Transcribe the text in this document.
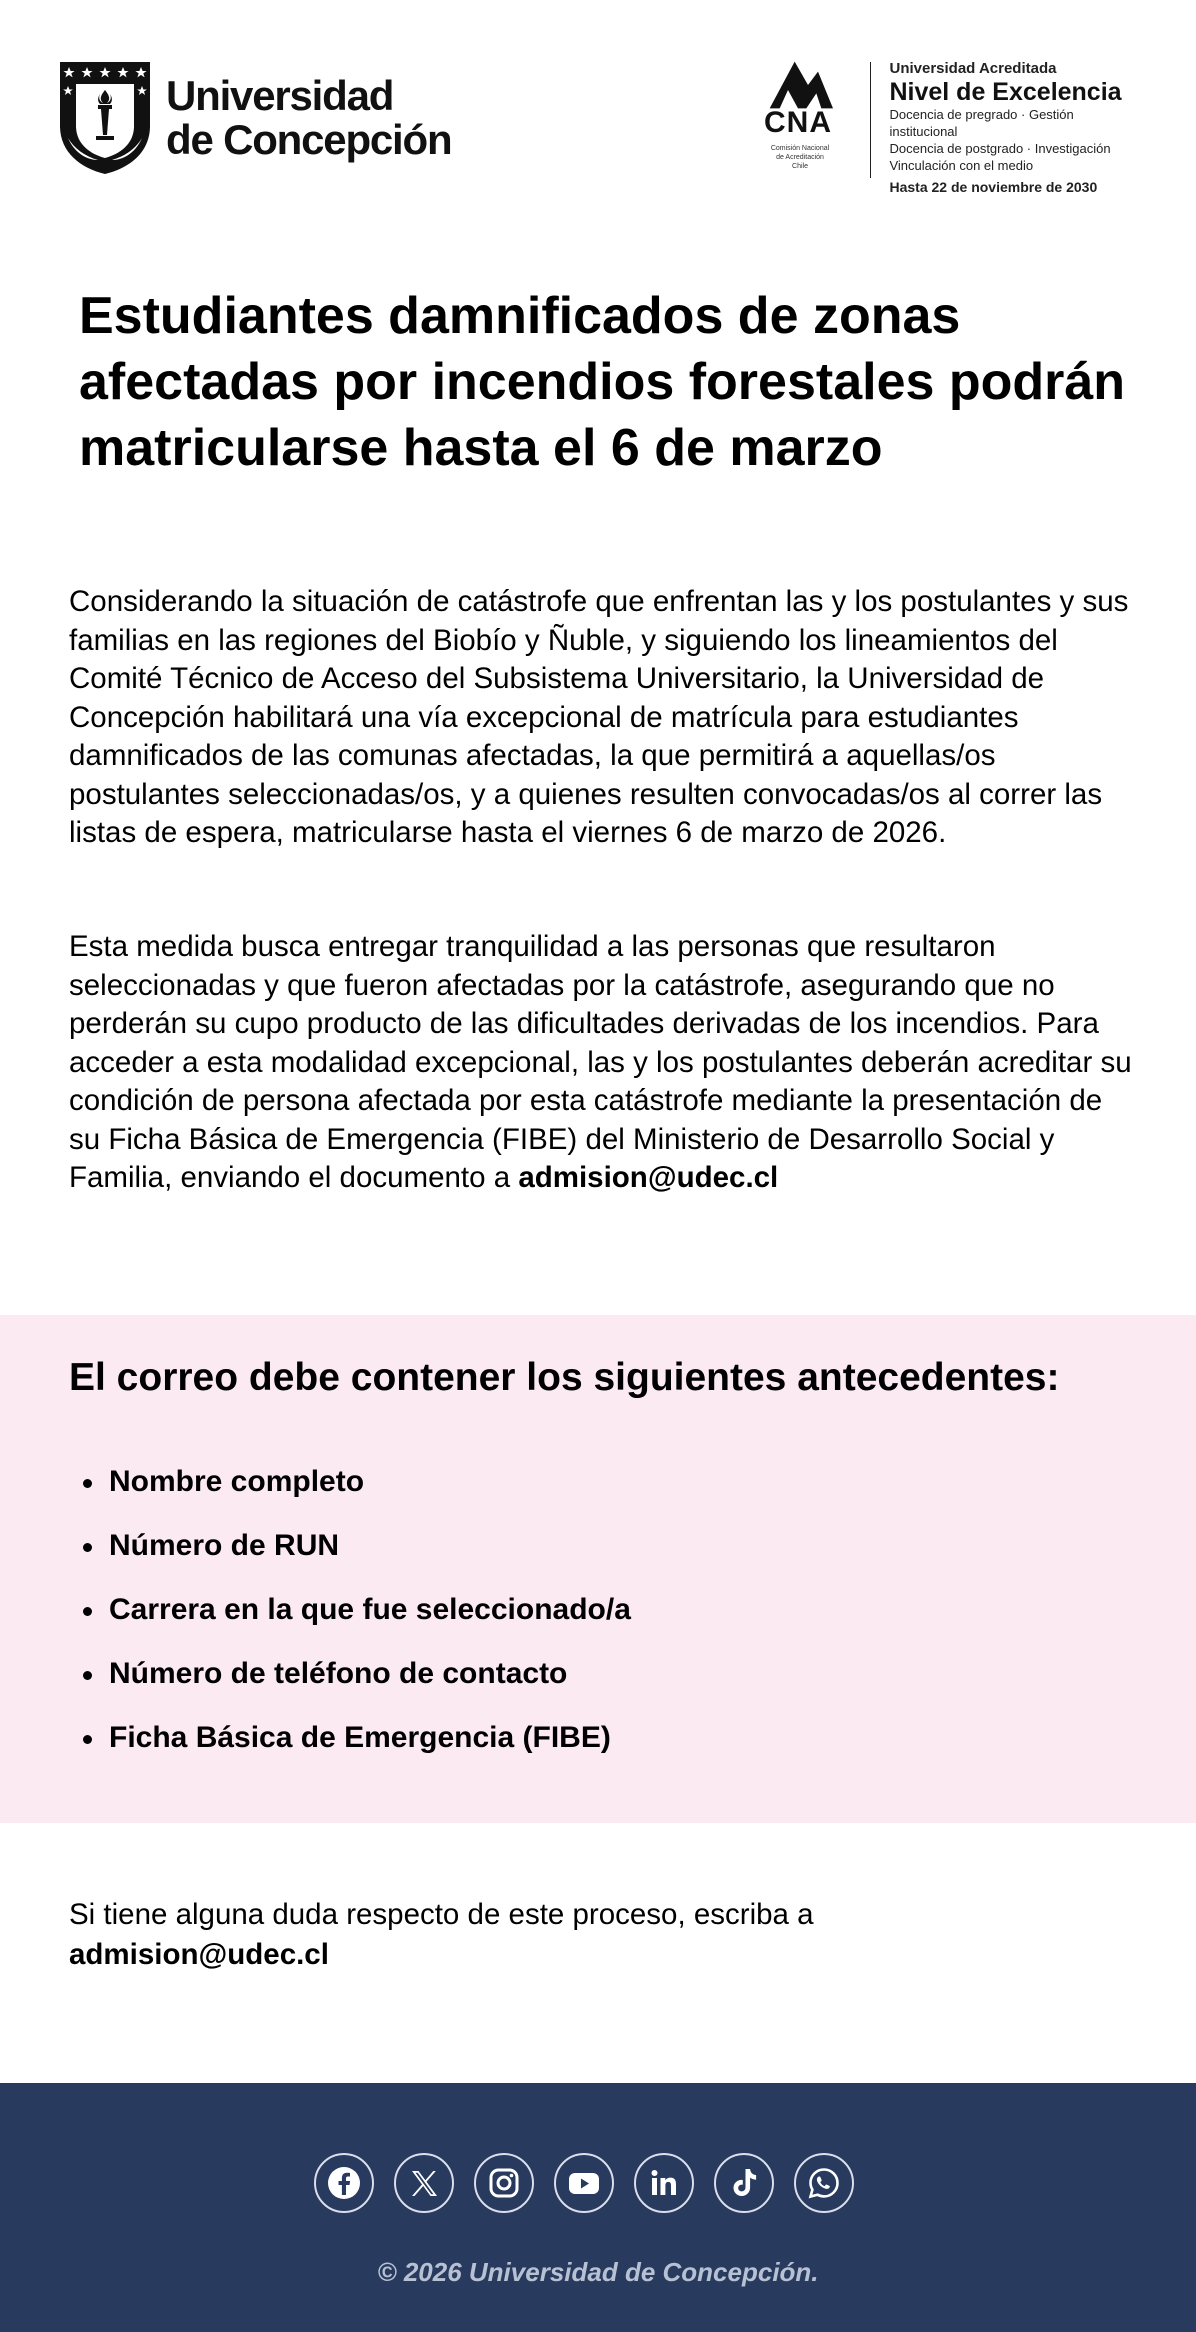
Universidad
de Concepción	CNA
Comisión Nacional
de Acreditación
Chile
Universidad Acreditada
Nivel de Excelencia
Docencia de pregrado · Gestión institucional
Docencia de postgrado · Investigación
Vinculación con el medio
Hasta 22 de noviembre de 2030
Estudiantes damnificados de zonas afectadas por incendios forestales podrán matricularse hasta el 6 de marzo

Considerando la situación de catástrofe que enfrentan las y los postulantes y sus familias en las regiones del Biobío y Ñuble, y siguiendo los lineamientos del Comité Técnico de Acceso del Subsistema Universitario, la Universidad de Concepción habilitará una vía excepcional de matrícula para estudiantes damnificados de las comunas afectadas, la que permitirá a aquellas/os postulantes seleccionadas/os, y a quienes resulten convocadas/os al correr las listas de espera, matricularse hasta el viernes 6 de marzo de 2026.

Esta medida busca entregar tranquilidad a las personas que resultaron seleccionadas y que fueron afectadas por la catástrofe, asegurando que no perderán su cupo producto de las dificultades derivadas de los incendios. Para acceder a esta modalidad excepcional, las y los postulantes deberán acreditar su condición de persona afectada por esta catástrofe mediante la presentación de su Ficha Básica de Emergencia (FIBE) del Ministerio de Desarrollo Social y Familia, enviando el documento a admision@udec.cl

El correo debe contener los siguientes antecedentes:
Nombre completo
Número de RUN
Carrera en la que fue seleccionado/a
Número de teléfono de contacto
Ficha Básica de Emergencia (FIBE)

Si tiene alguna duda respecto de este proceso, escriba a
admision@udec.cl

© 2026 Universidad de Concepción.
